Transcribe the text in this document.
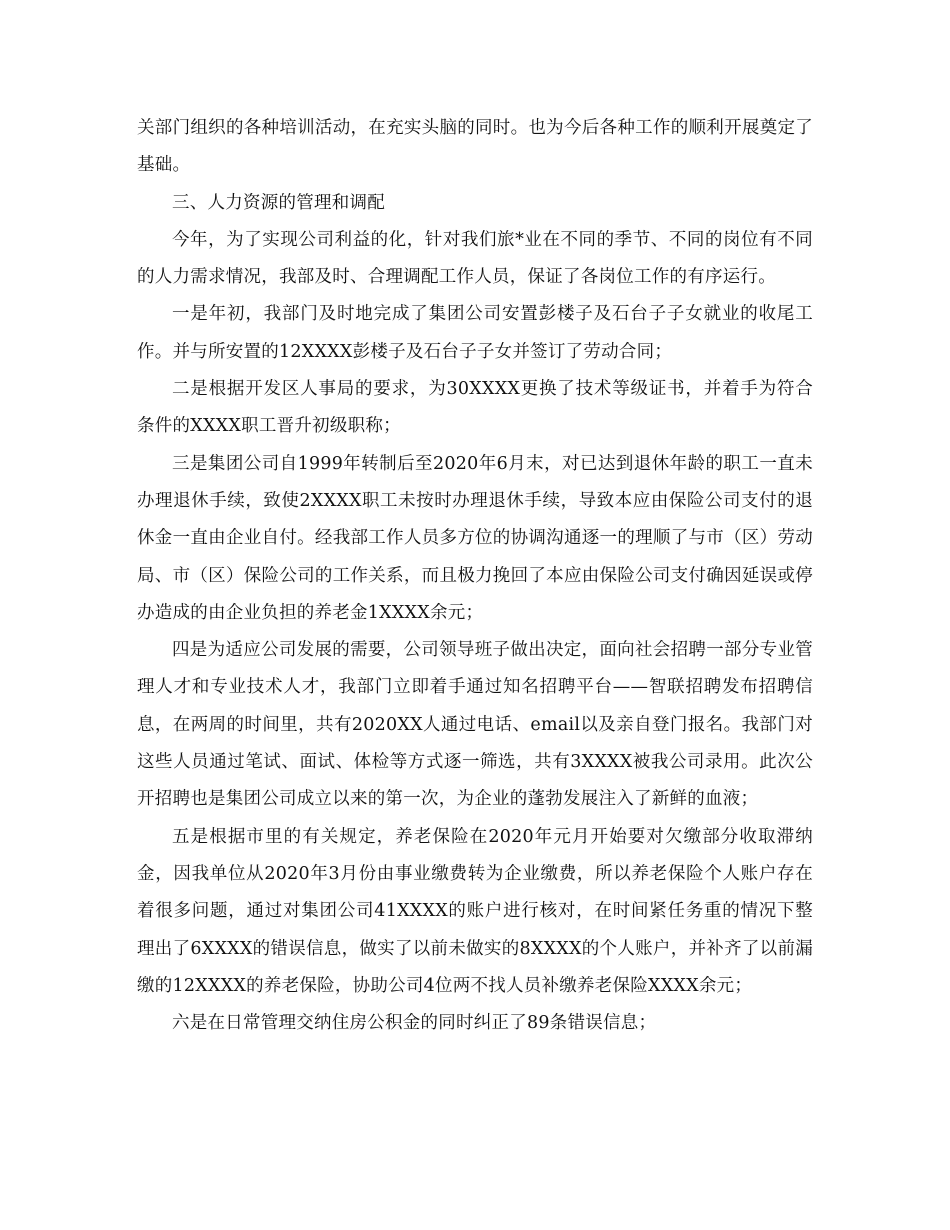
关部门组织的各种培训活动，在充实头脑的同时。也为今后各种工作的顺利开展奠定了基础。

三、人力资源的管理和调配

今年，为了实现公司利益的化，针对我们旅*业在不同的季节、不同的岗位有不同的人力需求情况，我部及时、合理调配工作人员，保证了各岗位工作的有序运行。

一是年初，我部门及时地完成了集团公司安置彭楼子及石台子子女就业的收尾工作。并与所安置的12XXXX彭楼子及石台子子女并签订了劳动合同；

二是根据开发区人事局的要求，为30XXXX更换了技术等级证书，并着手为符合条件的XXXX职工晋升初级职称；

三是集团公司自1999年转制后至2020年6月末，对已达到退休年龄的职工一直未办理退休手续，致使2XXXX职工未按时办理退休手续，导致本应由保险公司支付的退休金一直由企业自付。经我部工作人员多方位的协调沟通逐一的理顺了与市（区）劳动局、市（区）保险公司的工作关系，而且极力挽回了本应由保险公司支付确因延误或停办造成的由企业负担的养老金1XXXX余元；

四是为适应公司发展的需要，公司领导班子做出决定，面向社会招聘一部分专业管理人才和专业技术人才，我部门立即着手通过知名招聘平台——智联招聘发布招聘信息，在两周的时间里，共有2020XX人通过电话、email以及亲自登门报名。我部门对这些人员通过笔试、面试、体检等方式逐一筛选，共有3XXXX被我公司录用。此次公开招聘也是集团公司成立以来的第一次，为企业的蓬勃发展注入了新鲜的血液；

五是根据市里的有关规定，养老保险在2020年元月开始要对欠缴部分收取滞纳金，因我单位从2020年3月份由事业缴费转为企业缴费，所以养老保险个人账户存在着很多问题，通过对集团公司41XXXX的账户进行核对，在时间紧任务重的情况下整理出了6XXXX的错误信息，做实了以前未做实的8XXXX的个人账户，并补齐了以前漏缴的12XXXX的养老保险，协助公司4位两不找人员补缴养老保险XXXX余元；

六是在日常管理交纳住房公积金的同时纠正了89条错误信息；
